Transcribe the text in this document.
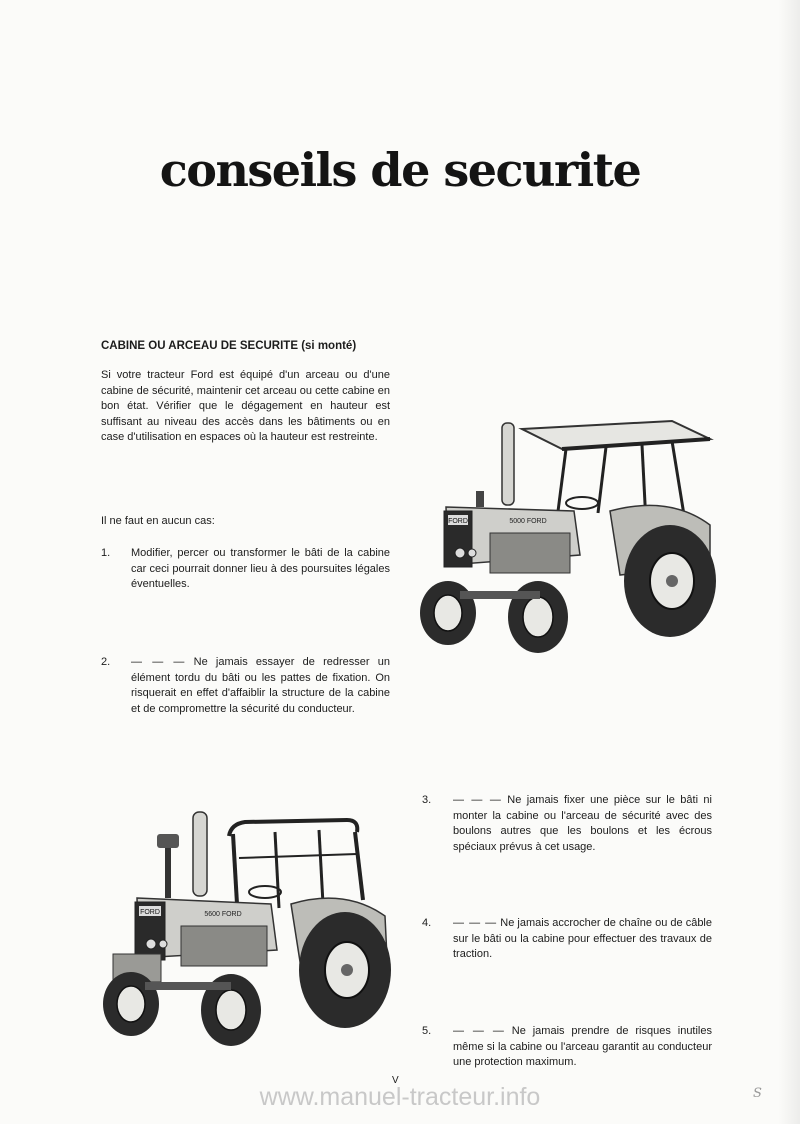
conseils de securite
CABINE OU ARCEAU DE SECURITE (si monté)

Si votre tracteur Ford est équipé d'un arceau ou d'une cabine de sécurité, maintenir cet arceau ou cette cabine en bon état. Vérifier que le dégagement en hauteur est suffisant au niveau des accès dans les bâtiments ou en case d'utilisation en espaces où la hauteur est restreinte.

Il ne faut en aucun cas:

1. Modifier, percer ou transformer le bâti de la cabine car ceci pourrait donner lieu à des poursuites légales éventuelles.
2. — — — Ne jamais essayer de redresser un élément tordu du bâti ou les pattes de fixation. On risquerait en effet d'affaiblir la structure de la cabine et de compromettre la sécurité du conducteur.
3. — — — Ne jamais fixer une pièce sur le bâti ni monter la cabine ou l'arceau de sécurité avec des boulons autres que les boulons et les écrous spéciaux prévus à cet usage.
4. — — — Ne jamais accrocher de chaîne ou de câble sur le bâti ou la cabine pour effectuer des travaux de traction.
5. — — — Ne jamais prendre de risques inutiles même si la cabine ou l'arceau garantit au conducteur une protection maximum.
FORD	5000 FORD
FORD	5600 FORD
V
www.manuel-tracteur.info	S
